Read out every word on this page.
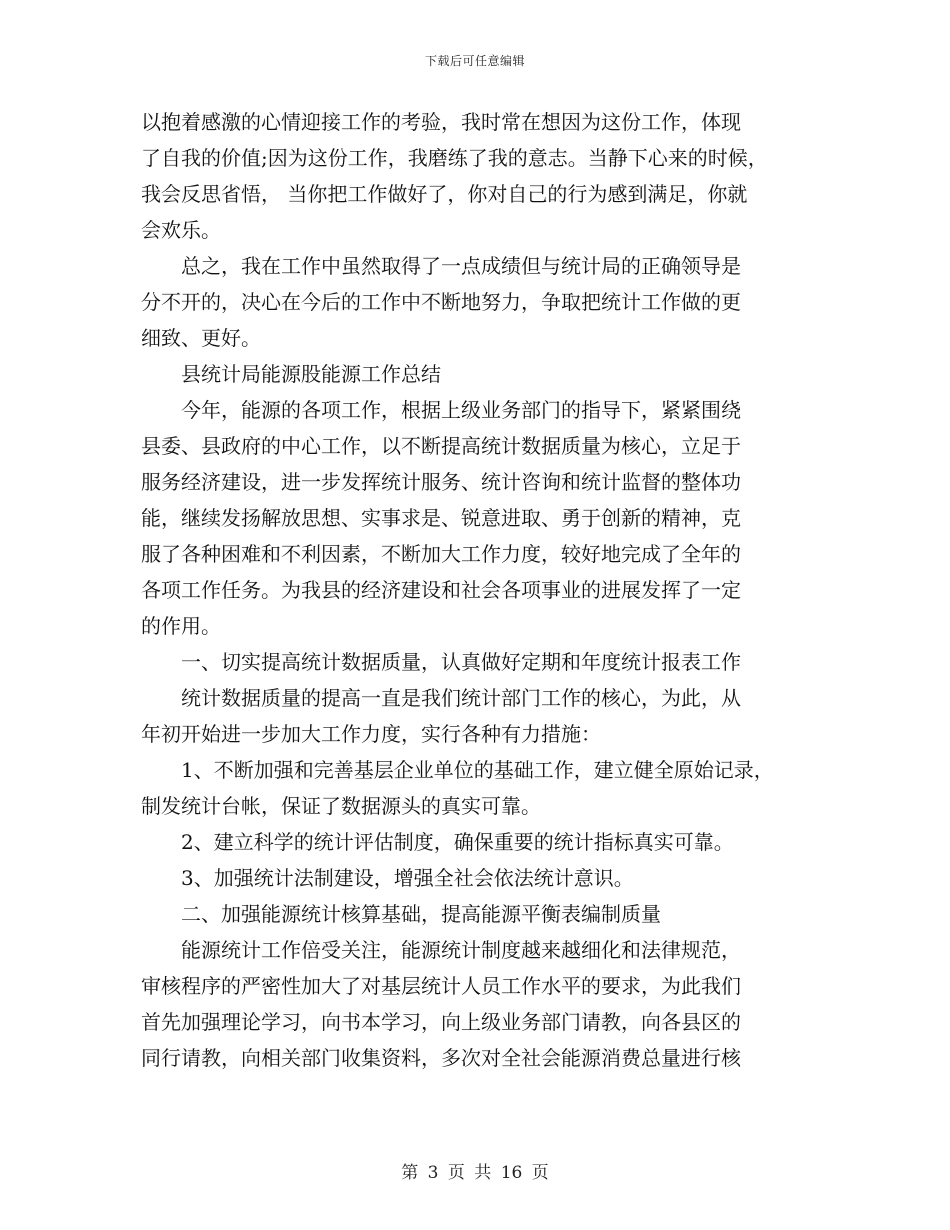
下载后可任意编辑

以抱着感激的心情迎接工作的考验，我时常在想因为这份工作，体现
了自我的价值;因为这份工作，我磨练了我的意志。当静下心来的时候，
我会反思省悟， 当你把工作做好了，你对自己的行为感到满足，你就
会欢乐。

　　总之，我在工作中虽然取得了一点成绩但与统计局的正确领导是
分不开的，决心在今后的工作中不断地努力，争取把统计工作做的更
细致、更好。

　　县统计局能源股能源工作总结

　　今年，能源的各项工作，根据上级业务部门的指导下，紧紧围绕
县委、县政府的中心工作，以不断提高统计数据质量为核心，立足于
服务经济建设，进一步发挥统计服务、统计咨询和统计监督的整体功
能，继续发扬解放思想、实事求是、锐意进取、勇于创新的精神，克
服了各种困难和不利因素，不断加大工作力度，较好地完成了全年的
各项工作任务。为我县的经济建设和社会各项事业的进展发挥了一定
的作用。

　　一、切实提高统计数据质量，认真做好定期和年度统计报表工作

　　统计数据质量的提高一直是我们统计部门工作的核心，为此，从
年初开始进一步加大工作力度，实行各种有力措施：

　　1、不断加强和完善基层企业单位的基础工作，建立健全原始记录，
制发统计台帐，保证了数据源头的真实可靠。

　　2、建立科学的统计评估制度，确保重要的统计指标真实可靠。

　　3、加强统计法制建设，增强全社会依法统计意识。

　　二、加强能源统计核算基础，提高能源平衡表编制质量

　　能源统计工作倍受关注，能源统计制度越来越细化和法律规范，
审核程序的严密性加大了对基层统计人员工作水平的要求，为此我们
首先加强理论学习，向书本学习，向上级业务部门请教，向各县区的
同行请教，向相关部门收集资料，多次对全社会能源消费总量进行核

第 3 页 共 16 页
